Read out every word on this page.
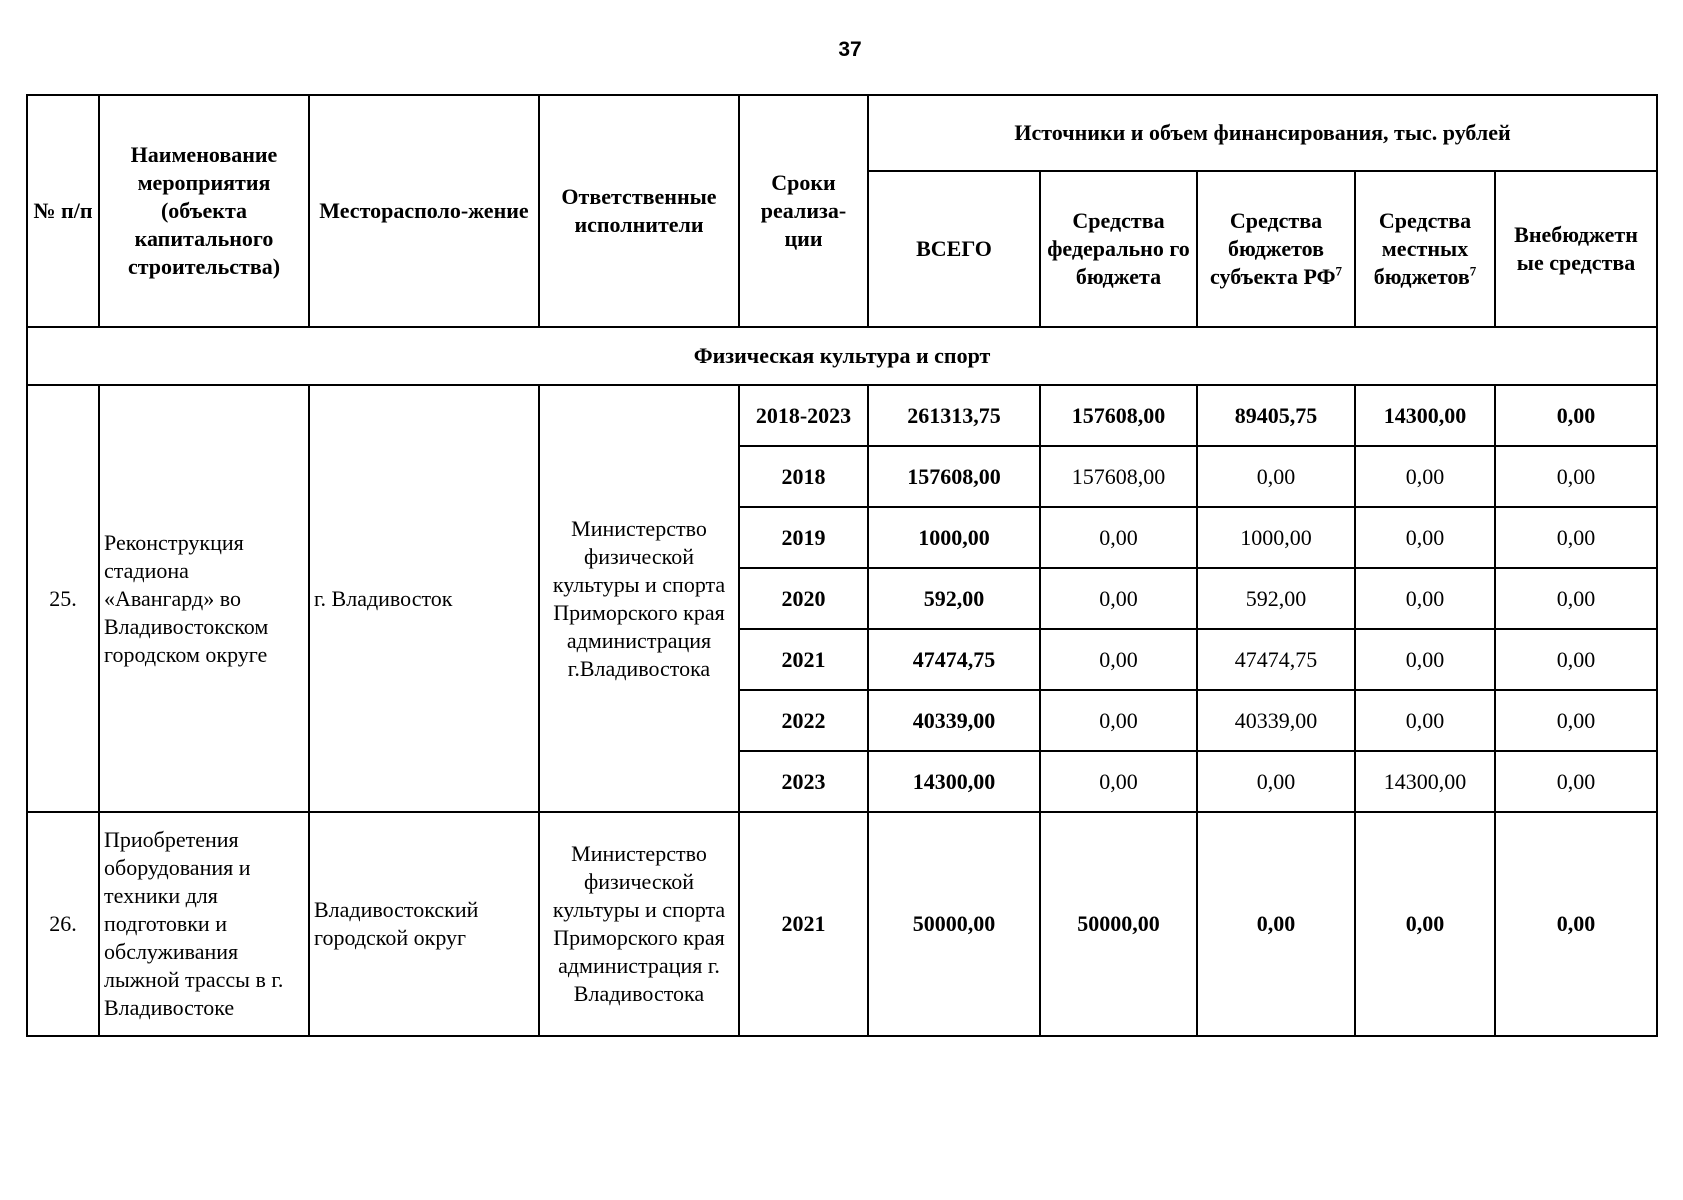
37
№ п/п	Наименование мероприятия (объекта капитального строительства)	Месторасполо-жение	Ответственные исполнители	Сроки реализа-ции	Источники и объем финансирования, тыс. рублей				
					ВСЕГО	Средства федерально го бюджета	Средства бюджетов субъекта $РФ^7$	Средства местных бюджетов$^7$	Внебюджетн ые средства
Физическая культура и спорт									
25.	Реконструкция стадиона «Авангард» во Владивостокском городском округе	г. Владивосток	Министерство физической культуры и спорта Приморского края администрация г.Владивостока	2018-2023	261313,75	157608,00	89405,75	14300,00	0,00
				2018	157608,00	157608,00	0,00	0,00	0,00
				2019	1000,00	0,00	1000,00	0,00	0,00
				2020	592,00	0,00	592,00	0,00	0,00
				2021	47474,75	0,00	47474,75	0,00	0,00
				2022	40339,00	0,00	40339,00	0,00	0,00
				2023	14300,00	0,00	0,00	14300,00	0,00
26.	Приобретения оборудования и техники для подготовки и обслуживания лыжной трассы в г. Владивостоке	Владивостокский городской округ	Министерство физической культуры и спорта Приморского края администрация г. Владивостока	2021	50000,00	50000,00	0,00	0,00	0,00
